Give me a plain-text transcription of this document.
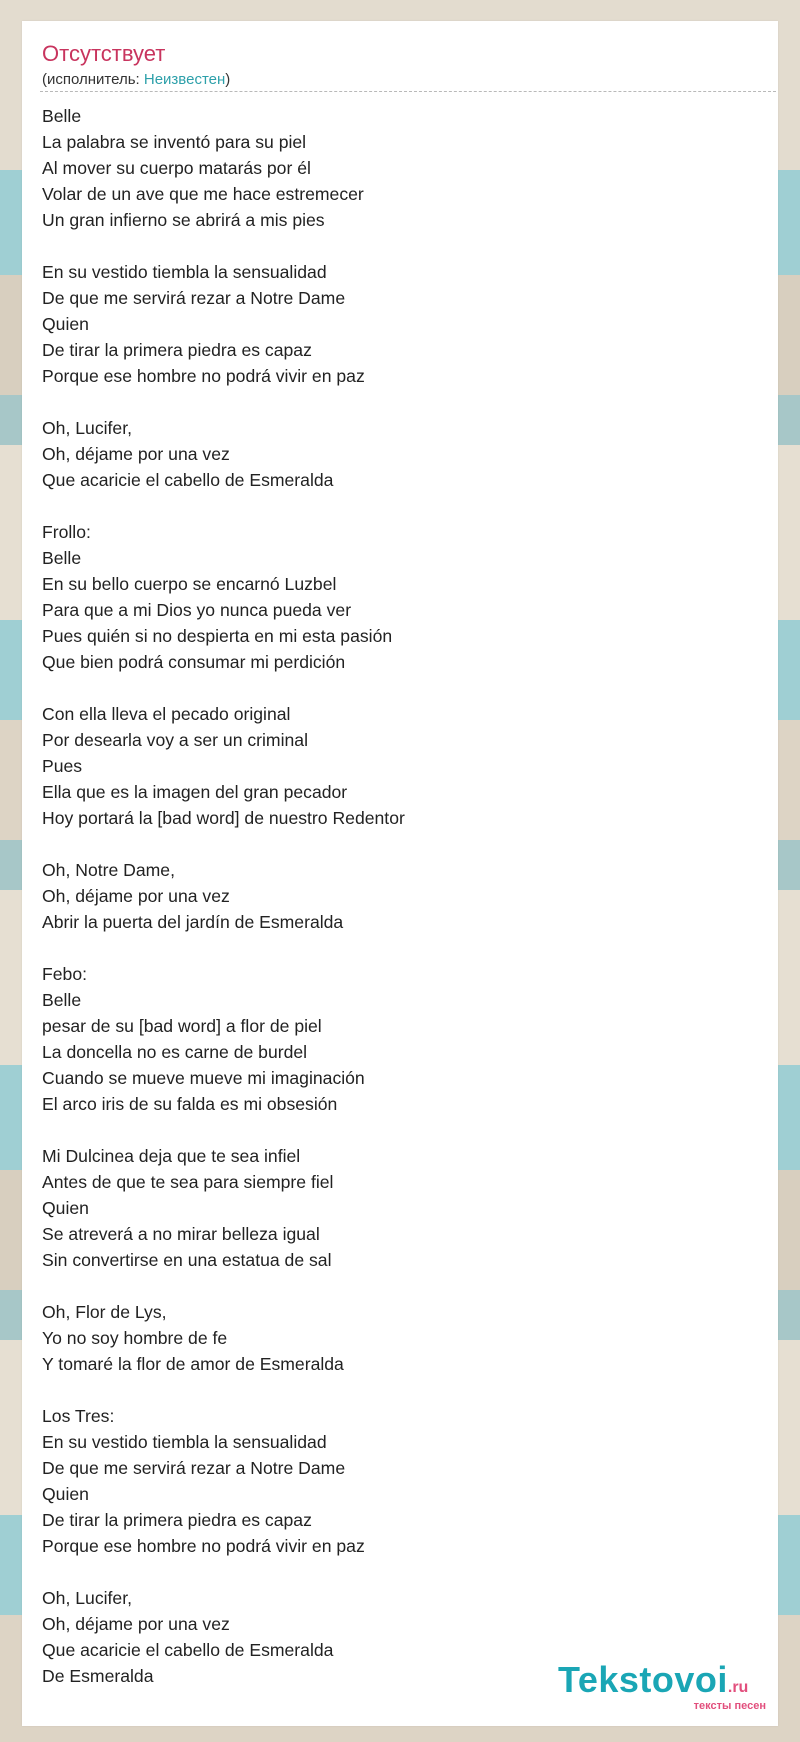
Отсутствует
(исполнитель: Неизвестен)
Belle
La palabra se inventó para su piel
Al mover su cuerpo matarás por él
Volar de un ave que me hace estremecer
Un gran infierno se abrirá a mis pies
En su vestido tiembla la sensualidad
De que me servirá rezar a Notre Dame
Quien
De tirar la primera piedra es capaz
Porque ese hombre no podrá vivir en paz
Oh, Lucifer,
Oh, déjame por una vez
Que acaricie el cabello de Esmeralda
Frollo:
Belle
En su bello cuerpo se encarnó Luzbel
Para que a mi Dios yo nunca pueda ver
Pues quién si no despierta en mi esta pasión
Que bien podrá consumar mi perdición
Con ella lleva el pecado original
Por desearla voy a ser un criminal
Pues
Ella que es la imagen del gran pecador
Hoy portará la [bad word] de nuestro Redentor
Oh, Notre Dame,
Oh, déjame por una vez
Abrir la puerta del jardín de Esmeralda
Febo:
Belle
pesar de su [bad word] a flor de piel
La doncella no es carne de burdel
Cuando se mueve mueve mi imaginación
El arco iris de su falda es mi obsesión
Mi Dulcinea deja que te sea infiel
Antes de que te sea para siempre fiel
Quien
Se atreverá a no mirar belleza igual
Sin convertirse en una estatua de sal
Oh, Flor de Lys,
Yo no soy hombre de fe
Y tomaré la flor de amor de Esmeralda
Los Tres:
En su vestido tiembla la sensualidad
De que me servirá rezar a Notre Dame
Quien
De tirar la primera piedra es capaz
Porque ese hombre no podrá vivir en paz
Oh, Lucifer,
Oh, déjame por una vez
Que acaricie el cabello de Esmeralda
De Esmeralda	Tekstovoi.ru
тексты песен
